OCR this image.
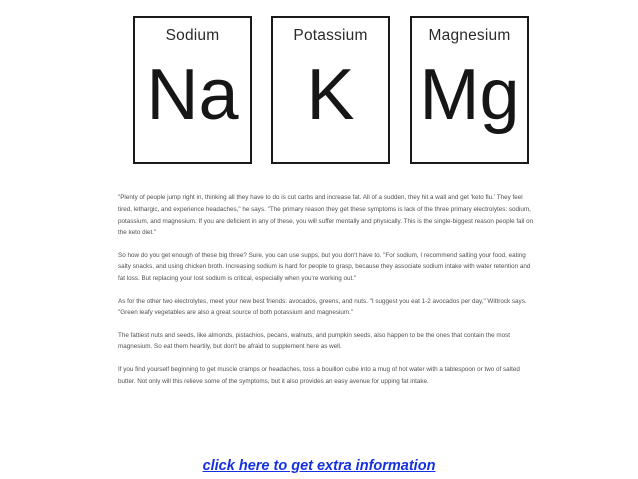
Sodium
Na
Potassium
K
Magnesium
Mg

"Plenty of people jump right in, thinking all they have to do is cut carbs and increase fat. All of a sudden, they hit a wall and get 'keto flu.' They feel tired, lethargic, and experience headaches," he says. "The primary reason they get these symptoms is lack of the three primary electrolytes: sodium, potassium, and magnesium. If you are deficient in any of these, you will suffer mentally and physically. This is the single-biggest reason people fail on the keto diet."

So how do you get enough of these big three? Sure, you can use supps, but you don't have to. "For sodium, I recommend salting your food, eating salty snacks, and using chicken broth. Increasing sodium is hard for people to grasp, because they associate sodium intake with water retention and fat loss. But replacing your lost sodium is critical, especially when you're working out."

As for the other two electrolytes, meet your new best friends: avocados, greens, and nuts. "I suggest you eat 1-2 avocados per day," Wittrock says. "Green leafy vegetables are also a great source of both potassium and magnesium."

The fattiest nuts and seeds, like almonds, pistachios, pecans, walnuts, and pumpkin seeds, also happen to be the ones that contain the most magnesium. So eat them heartily, but don't be afraid to supplement here as well.

If you find yourself beginning to get muscle cramps or headaches, toss a bouillon cube into a mug of hot water with a tablespoon or two of salted butter. Not only will this relieve some of the symptoms, but it also provides an easy avenue for upping fat intake.

click here to get extra information
